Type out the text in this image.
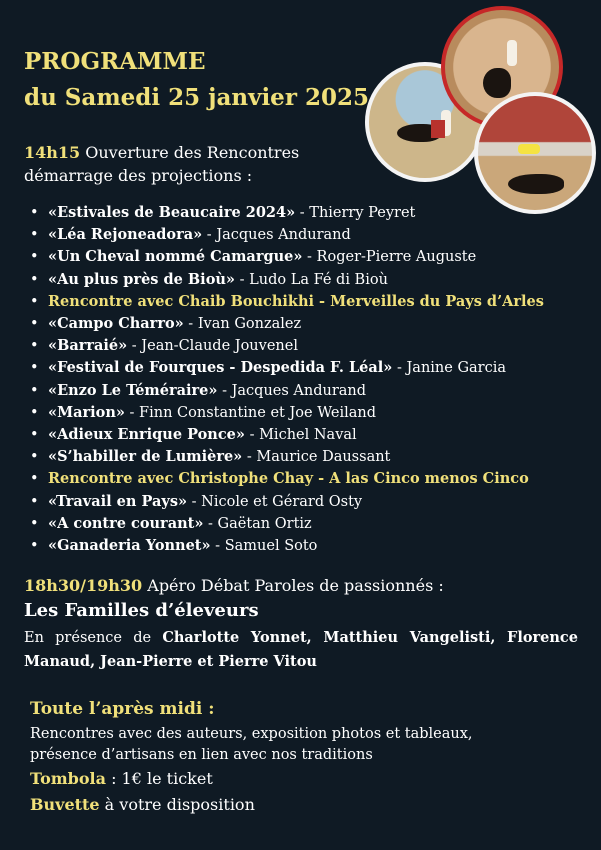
PROGRAMME
du Samedi 25 janvier 2025
14h15 Ouverture des Rencontres
démarrage des projections :
• «Estivales de Beaucaire 2024» - Thierry Peyret
• «Léa Rejoneadora» - Jacques Andurand
• «Un Cheval nommé Camargue» - Roger-Pierre Auguste
• «Au plus près de Bioù» - Ludo La Fé di Bioù
• Rencontre avec Chaib Bouchikhi - Merveilles du Pays d’Arles
• «Campo Charro» - Ivan Gonzalez
• «Barraié» - Jean-Claude Jouvenel
• «Festival de Fourques - Despedida F. Léal» - Janine Garcia
• «Enzo Le Téméraire» - Jacques Andurand
• «Marion» - Finn Constantine et Joe Weiland
• «Adieux Enrique Ponce» - Michel Naval
• «S’habiller de Lumière» - Maurice Daussant
• Rencontre avec Christophe Chay - A las Cinco menos Cinco
• «Travail en Pays» - Nicole et Gérard Osty
• «A contre courant» - Gaëtan Ortiz
• «Ganaderia Yonnet» - Samuel Soto
18h30/19h30 Apéro Débat Paroles de passionnés :
Les Familles d’éleveurs
En présence de Charlotte Yonnet, Matthieu Vangelisti, Florence Manaud, Jean-Pierre et Pierre Vitou
Toute l’après midi :
Rencontres avec des auteurs, exposition photos et tableaux,
présence d’artisans en lien avec nos traditions
Tombola : 1€ le ticket
Buvette à votre disposition
